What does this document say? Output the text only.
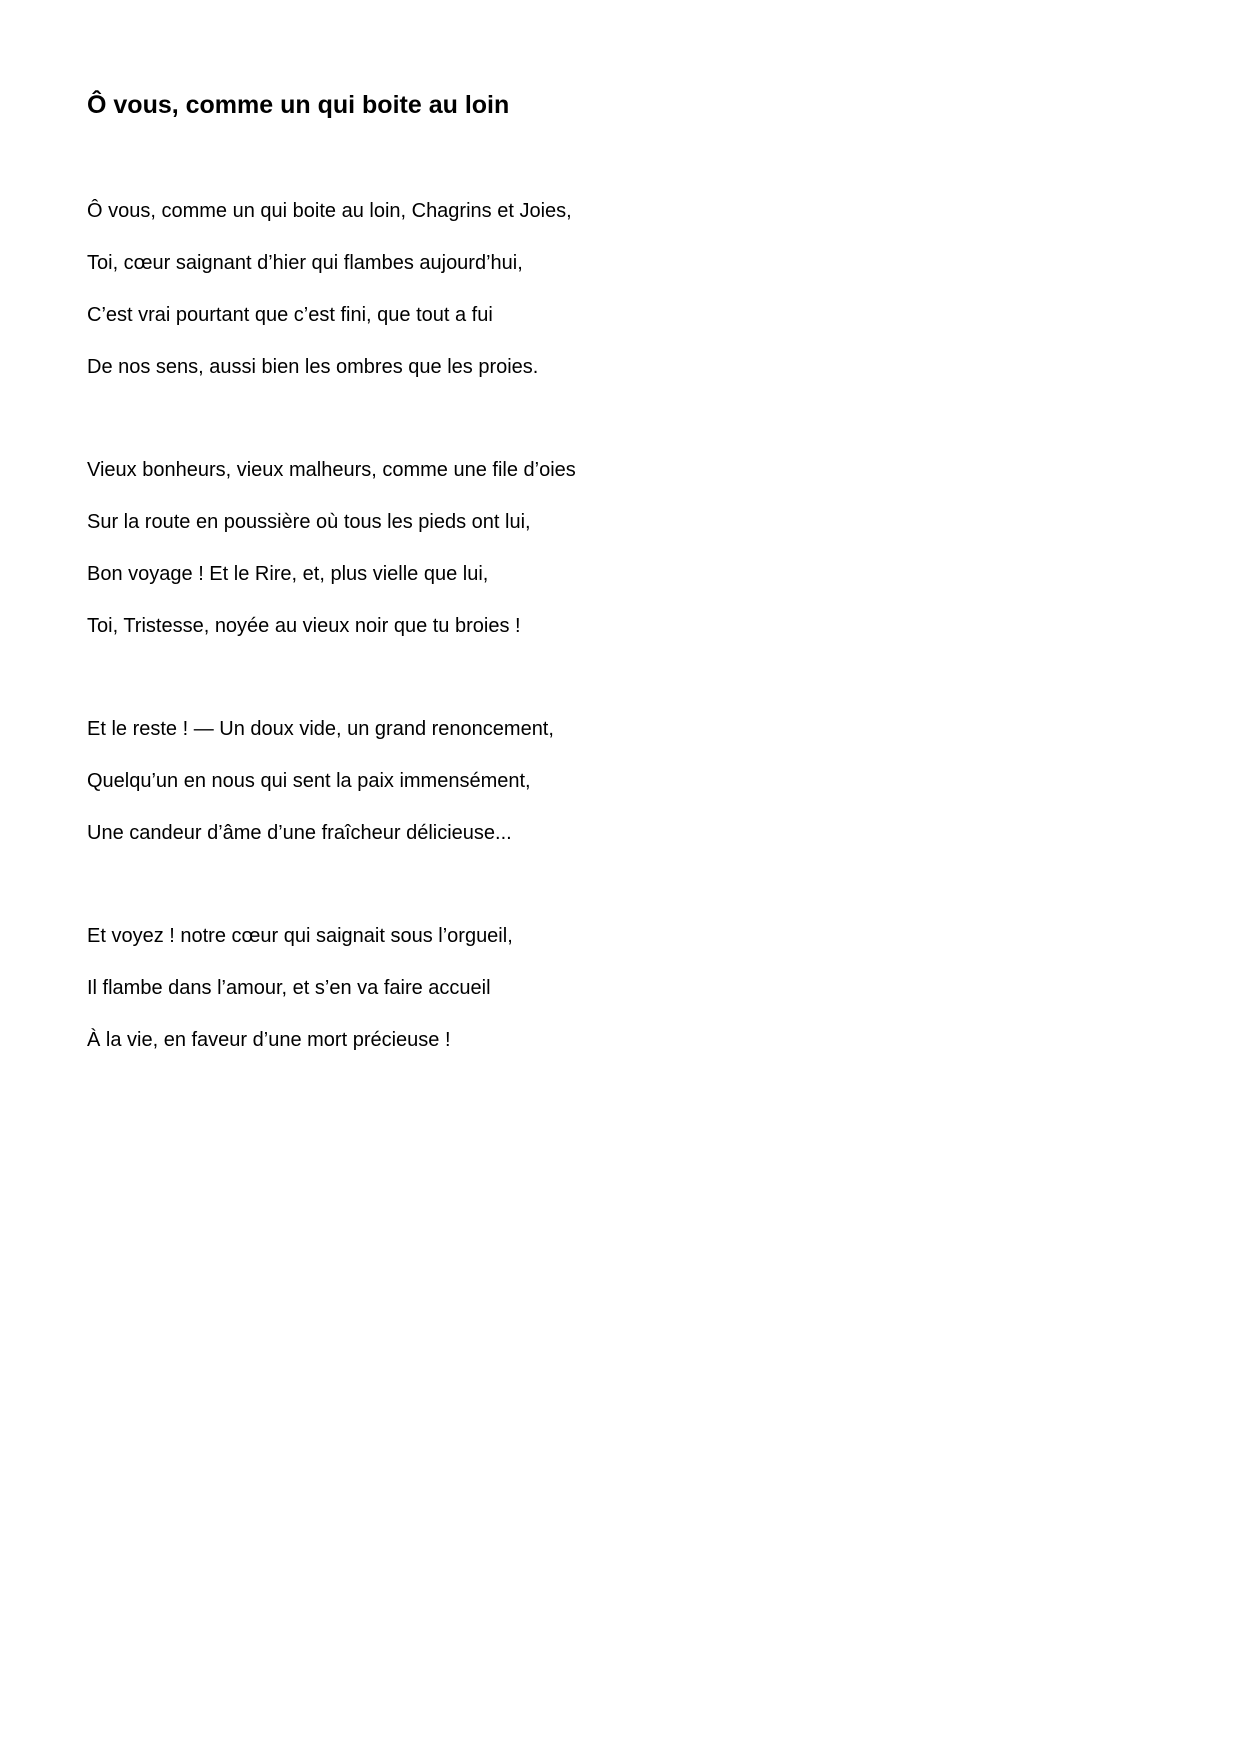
Ô vous, comme un qui boite au loin
Ô vous, comme un qui boite au loin, Chagrins et Joies,
Toi, cœur saignant d’hier qui flambes aujourd’hui,
C’est vrai pourtant que c’est fini, que tout a fui
De nos sens, aussi bien les ombres que les proies.
Vieux bonheurs, vieux malheurs, comme une file d’oies
Sur la route en poussière où tous les pieds ont lui,
Bon voyage ! Et le Rire, et, plus vielle que lui,
Toi, Tristesse, noyée au vieux noir que tu broies !
Et le reste ! — Un doux vide, un grand renoncement,
Quelqu’un en nous qui sent la paix immensément,
Une candeur d’âme d’une fraîcheur délicieuse...
Et voyez ! notre cœur qui saignait sous l’orgueil,
Il flambe dans l’amour, et s’en va faire accueil
À la vie, en faveur d’une mort précieuse !
